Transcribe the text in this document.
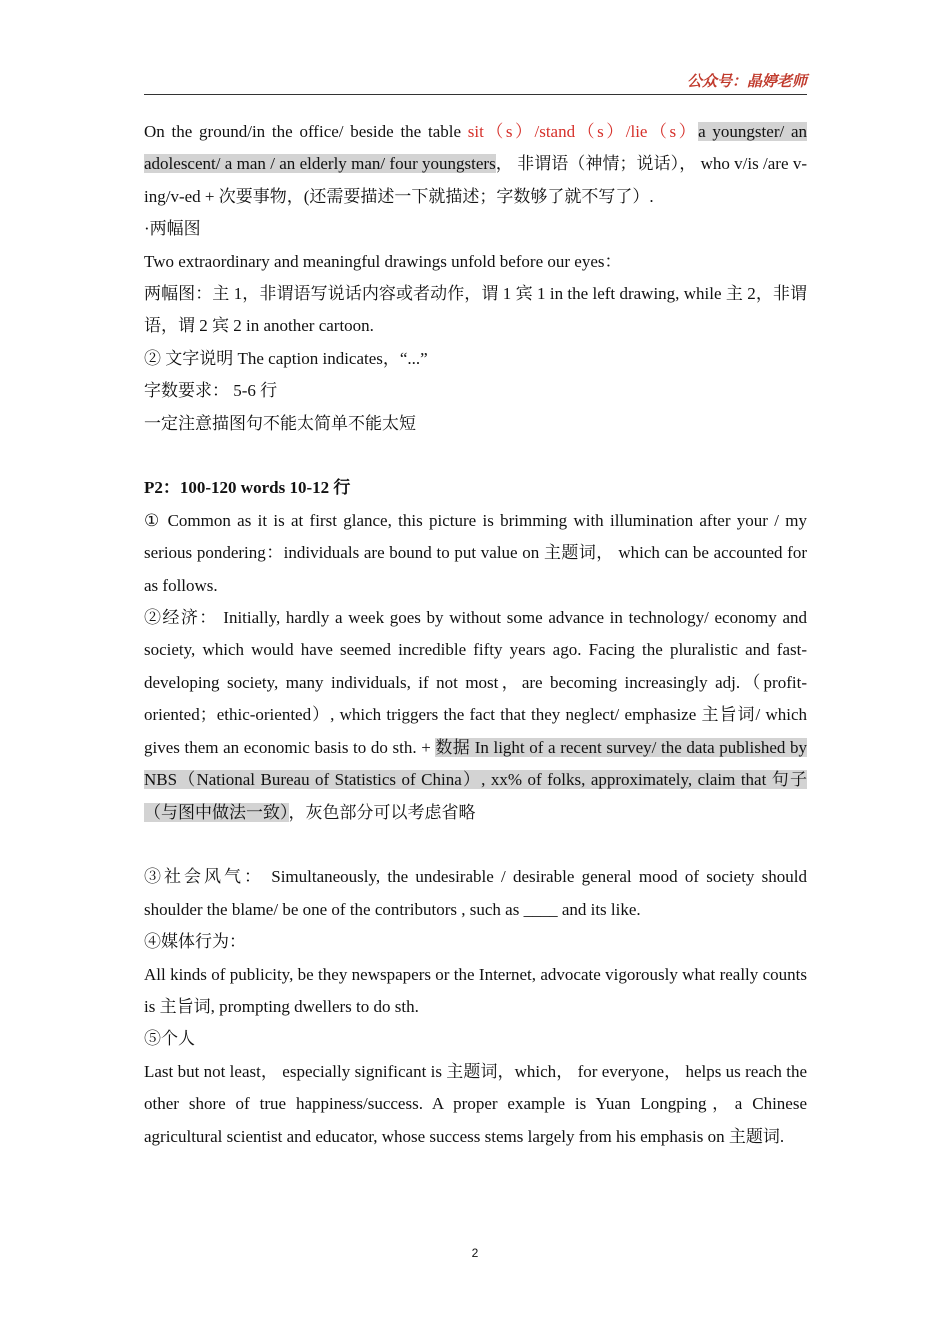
公众号：晶婷老师

On the ground/in the office/ beside the table sit（s）/stand（s）/lie（s）a youngster/ an adolescent/ a man / an elderly man/ four youngsters， 非谓语（神情；说话）， who v/is /are v-ing/v-ed + 次要事物，(还需要描述一下就描述；字数够了就不写了）.

·两幅图

Two extraordinary and meaningful drawings unfold before our eyes：

两幅图：主 1，非谓语写说话内容或者动作，谓 1 宾 1 in the left drawing, while 主 2，非谓语，谓 2 宾 2 in another cartoon.

② 文字说明 The caption indicates，“...”

字数要求： 5-6 行

一定注意描图句不能太简单不能太短

P2：100-120 words 10-12 行

① Common as it is at first glance, this picture is brimming with illumination after your / my serious pondering：individuals are bound to put value on 主题词， which can be accounted for as follows.

②经济： Initially, hardly a week goes by without some advance in technology/ economy and society, which would have seemed incredible fifty years ago. Facing the pluralistic and fast-developing society, many individuals, if not most，are becoming increasingly adj.（profit-oriented；ethic-oriented）, which triggers the fact that they neglect/ emphasize 主旨词/ which gives them an economic basis to do sth. + 数据 In light of a recent survey/ the data published by NBS（National Bureau of Statistics of China）, xx% of folks, approximately, claim that 句子（与图中做法一致），灰色部分可以考虑省略

③社会风气： Simultaneously, the undesirable / desirable general mood of society should shoulder the blame/ be one of the contributors , such as ____ and its like.

④媒体行为：

All kinds of publicity, be they newspapers or the Internet, advocate vigorously what really counts is 主旨词, prompting dwellers to do sth.

⑤个人

Last but not least， especially significant is 主题词，which， for everyone， helps us reach the other shore of true happiness/success. A proper example is Yuan Longping，a Chinese agricultural scientist and educator, whose success stems largely from his emphasis on 主题词.

2
